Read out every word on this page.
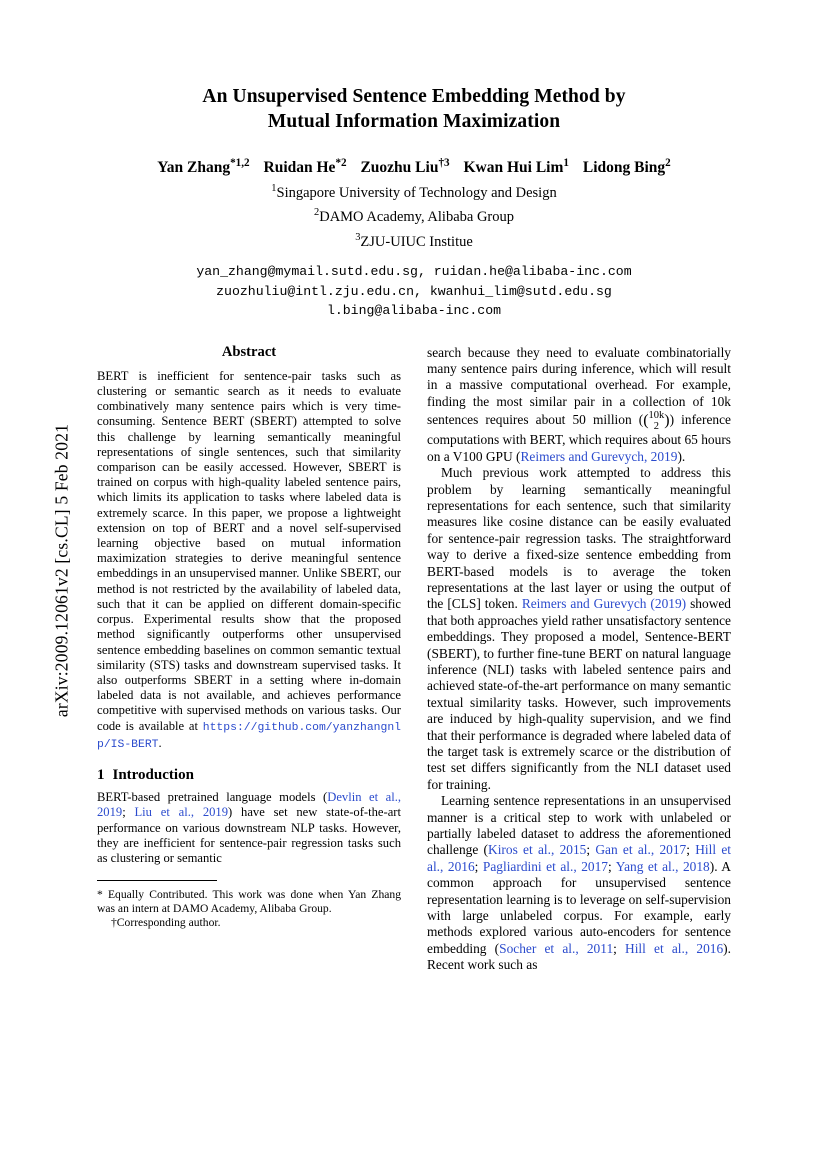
arXiv:2009.12061v2 [cs.CL] 5 Feb 2021
An Unsupervised Sentence Embedding Method by
Mutual Information Maximization
Yan Zhang$^{*1,2}$ Ruidan He$^{*2}$ Zuozhu Liu$^{\dagger 3}$ Kwan Hui Lim$^1$ Lidong Bing$^2$
$^1$Singapore University of Technology and Design
$^2$DAMO Academy, Alibaba Group
$^3$ZJU-UIUC Institue
yan_zhang@mymail.sutd.edu.sg, ruidan.he@alibaba-inc.com
zuozhuliu@intl.zju.edu.cn, kwanhui_lim@sutd.edu.sg
l.bing@alibaba-inc.com
Abstract

BERT is inefficient for sentence-pair tasks such as clustering or semantic search as it needs to evaluate combinatively many sentence pairs which is very time-consuming. Sentence BERT (SBERT) attempted to solve this challenge by learning semantically meaningful representations of single sentences, such that similarity comparison can be easily accessed. However, SBERT is trained on corpus with high-quality labeled sentence pairs, which limits its application to tasks where labeled data is extremely scarce. In this paper, we propose a lightweight extension on top of BERT and a novel self-supervised learning objective based on mutual information maximization strategies to derive meaningful sentence embeddings in an unsupervised manner. Unlike SBERT, our method is not restricted by the availability of labeled data, such that it can be applied on different domain-specific corpus. Experimental results show that the proposed method significantly outperforms other unsupervised sentence embedding baselines on common semantic textual similarity (STS) tasks and downstream supervised tasks. It also outperforms SBERT in a setting where in-domain labeled data is not available, and achieves performance competitive with supervised methods on various tasks. Our code is available at https://github.com/yanzhangnlp/IS-BERT.

1 Introduction

BERT-based pretrained language models (Devlin et al., 2019; Liu et al., 2019) have set new state-of-the-art performance on various downstream NLP tasks. However, they are inefficient for sentence-pair regression tasks such as clustering or semantic

* Equally Contributed. This work was done when Yan Zhang was an intern at DAMO Academy, Alibaba Group.

†Corresponding author.

search because they need to evaluate combinatorially many sentence pairs during inference, which will result in a massive computational overhead. For example, finding the most similar pair in a collection of 10k sentences requires about 50 million (( 10k
2 )) inference computations with BERT, which requires about 65 hours on a V100 GPU (Reimers and Gurevych, 2019).

Much previous work attempted to address this problem by learning semantically meaningful representations for each sentence, such that similarity measures like cosine distance can be easily evaluated for sentence-pair regression tasks. The straightforward way to derive a fixed-size sentence embedding from BERT-based models is to average the token representations at the last layer or using the output of the [CLS] token. Reimers and Gurevych (2019) showed that both approaches yield rather unsatisfactory sentence embeddings. They proposed a model, Sentence-BERT (SBERT), to further fine-tune BERT on natural language inference (NLI) tasks with labeled sentence pairs and achieved state-of-the-art performance on many semantic textual similarity tasks. However, such improvements are induced by high-quality supervision, and we find that their performance is degraded where labeled data of the target task is extremely scarce or the distribution of test set differs significantly from the NLI dataset used for training.

Learning sentence representations in an unsupervised manner is a critical step to work with unlabeled or partially labeled dataset to address the aforementioned challenge (Kiros et al., 2015; Gan et al., 2017; Hill et al., 2016; Pagliardini et al., 2017; Yang et al., 2018). A common approach for unsupervised sentence representation learning is to leverage on self-supervision with large unlabeled corpus. For example, early methods explored various auto-encoders for sentence embedding (Socher et al., 2011; Hill et al., 2016). Recent work such as
